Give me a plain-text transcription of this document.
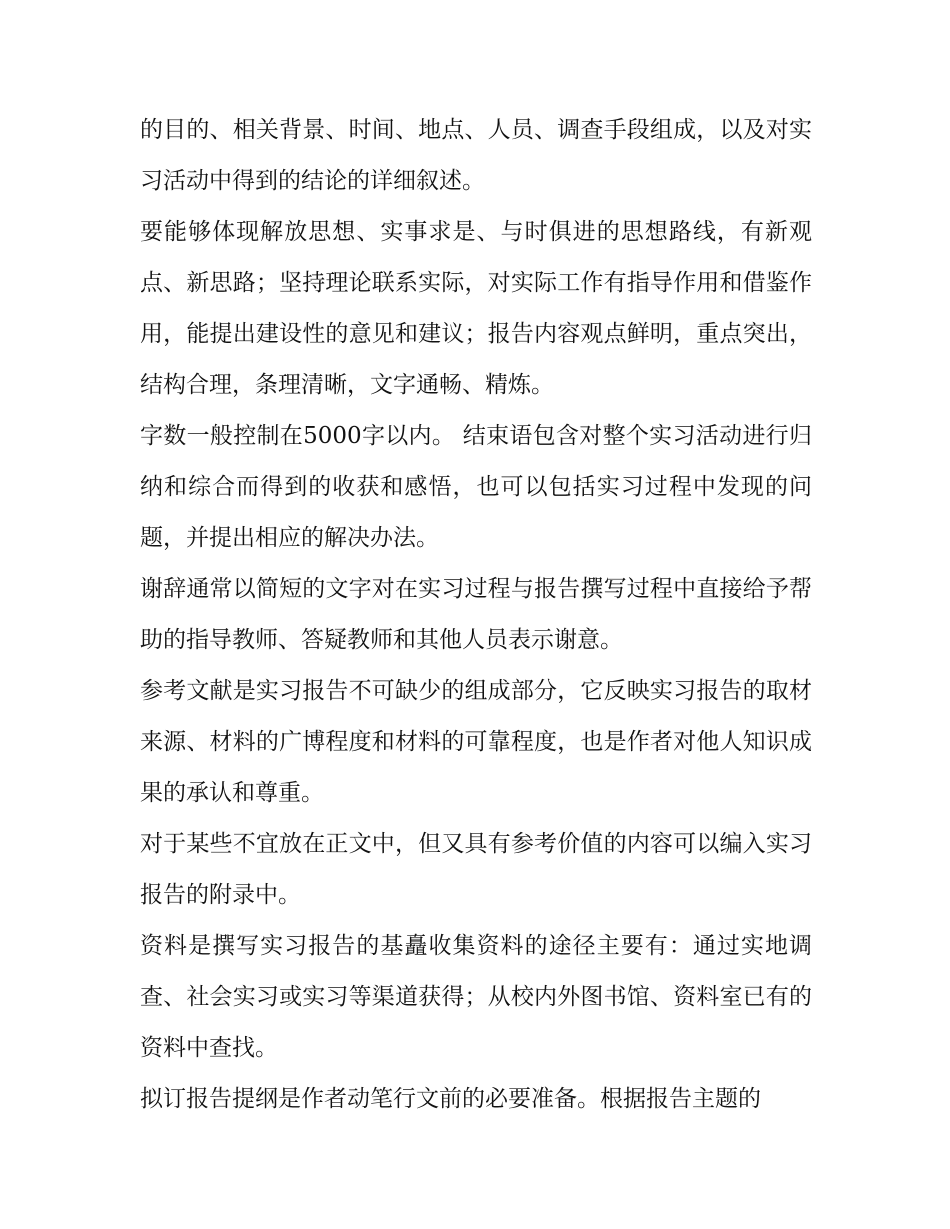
的目的、相关背景、时间、地点、人员、调查手段组成，以及对实习活动中得到的结论的详细叙述。

要能够体现解放思想、实事求是、与时俱进的思想路线，有新观点、新思路；坚持理论联系实际，对实际工作有指导作用和借鉴作用，能提出建设性的意见和建议；报告内容观点鲜明，重点突出，结构合理，条理清晰，文字通畅、精炼。

字数一般控制在5000字以内。 结束语包含对整个实习活动进行归纳和综合而得到的收获和感悟，也可以包括实习过程中发现的问题，并提出相应的解决办法。

谢辞通常以简短的文字对在实习过程与报告撰写过程中直接给予帮助的指导教师、答疑教师和其他人员表示谢意。

参考文献是实习报告不可缺少的组成部分，它反映实习报告的取材来源、材料的广博程度和材料的可靠程度，也是作者对他人知识成果的承认和尊重。

对于某些不宜放在正文中，但又具有参考价值的内容可以编入实习报告的附录中。

资料是撰写实习报告的基矗收集资料的途径主要有：通过实地调查、社会实习或实习等渠道获得；从校内外图书馆、资料室已有的资料中查找。

拟订报告提纲是作者动笔行文前的必要准备。根据报告主题的
